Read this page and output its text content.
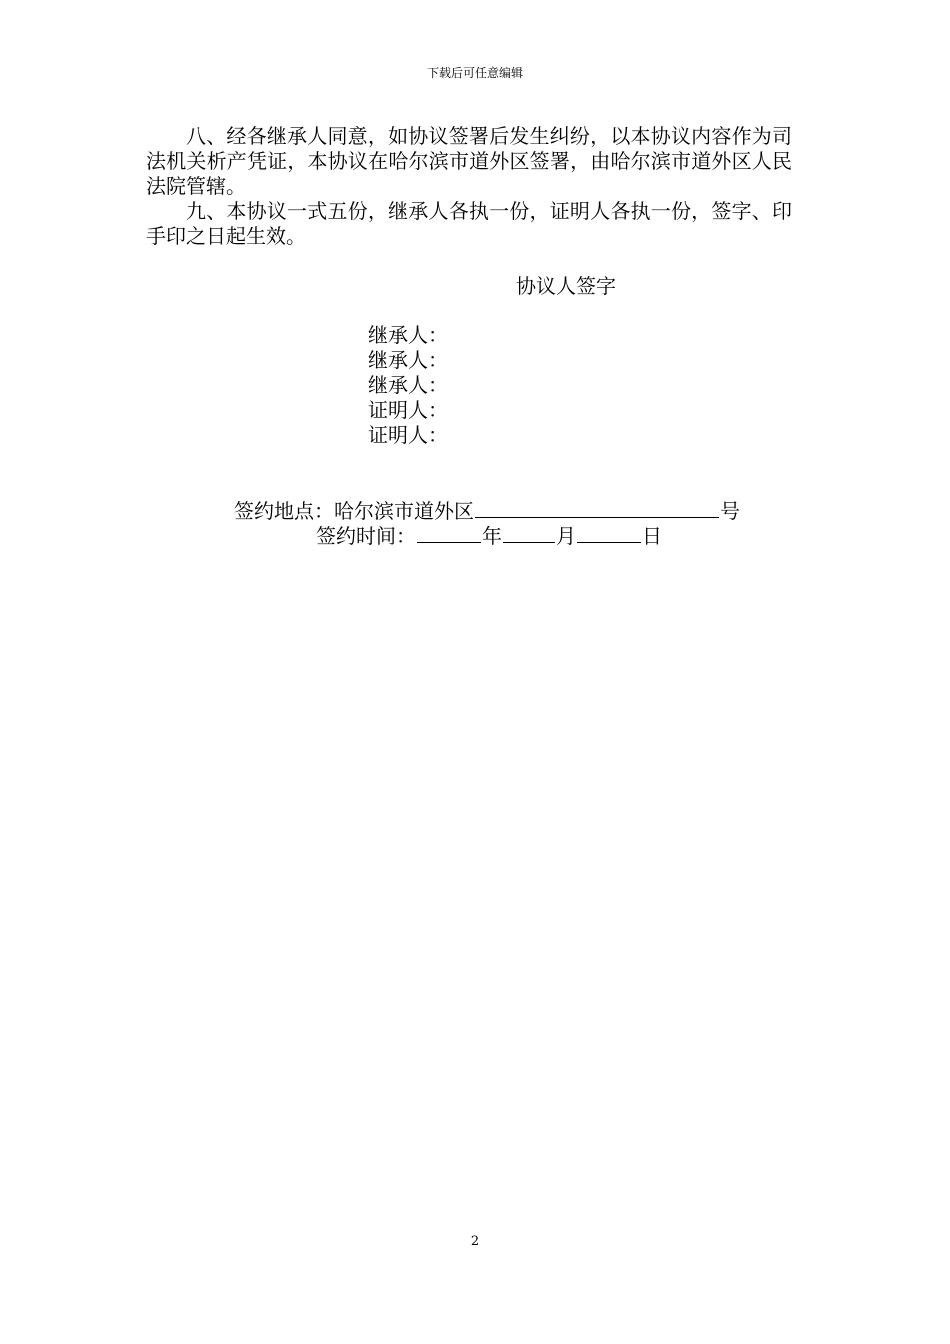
下载后可任意编辑

八、经各继承人同意，如协议签署后发生纠纷，以本协议内容作为司法机关析产凭证，本协议在哈尔滨市道外区签署，由哈尔滨市道外区人民法院管辖。

九、本协议一式五份，继承人各执一份，证明人各执一份，签字、印手印之日起生效。

协议人签字
继承人：
继承人：
继承人：
证明人：
证明人：
签约地点：哈尔滨市道外区	号
签约时间：	年	月	日
2
